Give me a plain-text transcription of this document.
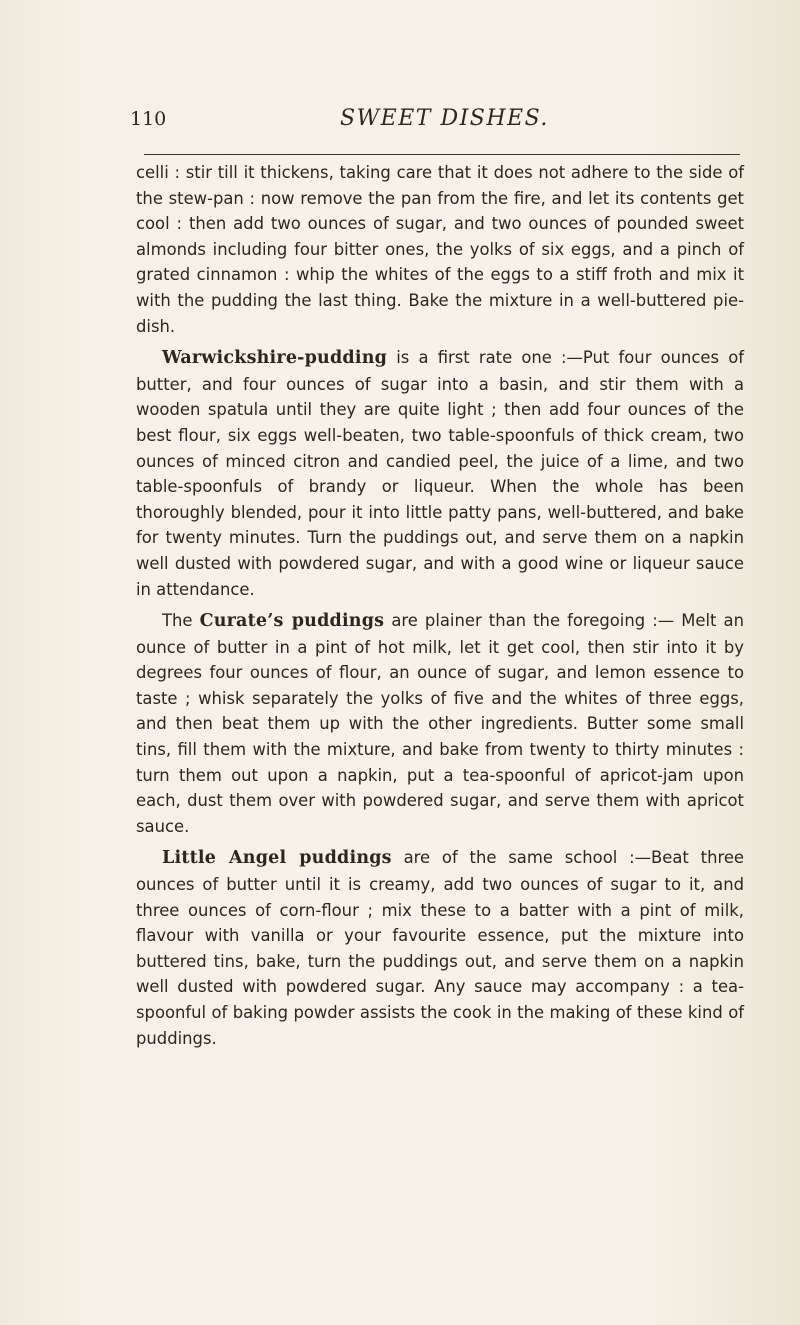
110	SWEET DISHES.

celli : stir till it thickens, taking care that it does not adhere to the side of the stew-pan : now remove the pan from the fire, and let its contents get cool : then add two ounces of sugar, and two ounces of pounded sweet almonds including four bitter ones, the yolks of six eggs, and a pinch of grated cinnamon : whip the whites of the eggs to a stiff froth and mix it with the pudding the last thing. Bake the mixture in a well-buttered pie-dish.

Warwickshire-pudding is a first rate one :—Put four ounces of butter, and four ounces of sugar into a basin, and stir them with a wooden spatula until they are quite light ; then add four ounces of the best flour, six eggs well-beaten, two table-spoonfuls of thick cream, two ounces of minced citron and candied peel, the juice of a lime, and two table-spoonfuls of brandy or liqueur. When the whole has been thoroughly blended, pour it into little patty pans, well-buttered, and bake for twenty minutes. Turn the puddings out, and serve them on a napkin well dusted with powdered sugar, and with a good wine or liqueur sauce in attendance.

The Curate’s puddings are plainer than the foregoing :— Melt an ounce of butter in a pint of hot milk, let it get cool, then stir into it by degrees four ounces of flour, an ounce of sugar, and lemon essence to taste ; whisk separately the yolks of five and the whites of three eggs, and then beat them up with the other ingredients. Butter some small tins, fill them with the mixture, and bake from twenty to thirty minutes : turn them out upon a napkin, put a tea-spoonful of apricot-jam upon each, dust them over with powdered sugar, and serve them with apricot sauce.

Little Angel puddings are of the same school :—Beat three ounces of butter until it is creamy, add two ounces of sugar to it, and three ounces of corn-flour ; mix these to a batter with a pint of milk, flavour with vanilla or your favourite essence, put the mixture into buttered tins, bake, turn the puddings out, and serve them on a napkin well dusted with powdered sugar. Any sauce may accompany : a tea-spoonful of baking powder assists the cook in the making of these kind of puddings.
